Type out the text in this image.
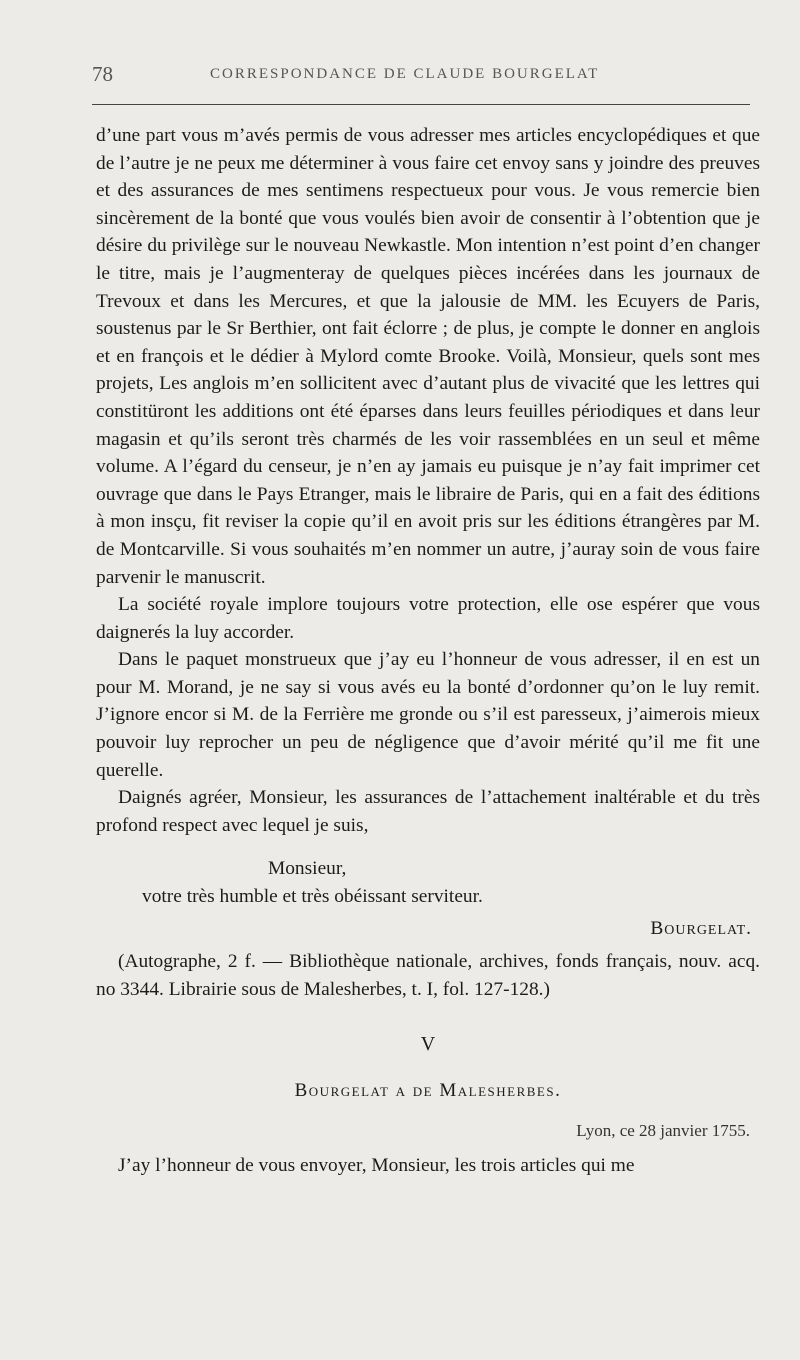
78	CORRESPONDANCE DE CLAUDE BOURGELAT

d’une part vous m’avés permis de vous adresser mes articles encyclopédiques et que de l’autre je ne peux me déterminer à vous faire cet envoy sans y joindre des preuves et des assurances de mes sentimens respectueux pour vous. Je vous remercie bien sincèrement de la bonté que vous voulés bien avoir de consentir à l’obtention que je désire du privilège sur le nouveau Newkastle. Mon intention n’est point d’en changer le titre, mais je l’augmenteray de quelques pièces incérées dans les journaux de Trevoux et dans les Mercures, et que la jalousie de MM. les Ecuyers de Paris, soustenus par le Sr Berthier, ont fait éclorre ; de plus, je compte le donner en anglois et en françois et le dédier à Mylord comte Brooke. Voilà, Monsieur, quels sont mes projets, Les anglois m’en sollicitent avec d’autant plus de vivacité que les lettres qui constitüront les additions ont été éparses dans leurs feuilles périodiques et dans leur magasin et qu’ils seront très charmés de les voir rassemblées en un seul et même volume. A l’égard du censeur, je n’en ay jamais eu puisque je n’ay fait imprimer cet ouvrage que dans le Pays Etranger, mais le libraire de Paris, qui en a fait des éditions à mon insçu, fit reviser la copie qu’il en avoit pris sur les éditions étrangères par M. de Montcarville. Si vous souhaités m’en nommer un autre, j’auray soin de vous faire parvenir le manuscrit.

La société royale implore toujours votre protection, elle ose espérer que vous daignerés la luy accorder.

Dans le paquet monstrueux que j’ay eu l’honneur de vous adresser, il en est un pour M. Morand, je ne say si vous avés eu la bonté d’ordonner qu’on le luy remit. J’ignore encor si M. de la Ferrière me gronde ou s’il est paresseux, j’aimerois mieux pouvoir luy reprocher un peu de négligence que d’avoir mérité qu’il me fit une querelle.

Daignés agréer, Monsieur, les assurances de l’attachement inaltérable et du très profond respect avec lequel je suis,

Monsieur,

votre très humble et très obéissant serviteur.

Bourgelat.

(Autographe, 2 f. — Bibliothèque nationale, archives, fonds français, nouv. acq. no 3344. Librairie sous de Malesherbes, t. I, fol. 127-128.)

V

Bourgelat a de Malesherbes.

Lyon, ce 28 janvier 1755.

J’ay l’honneur de vous envoyer, Monsieur, les trois articles qui me
